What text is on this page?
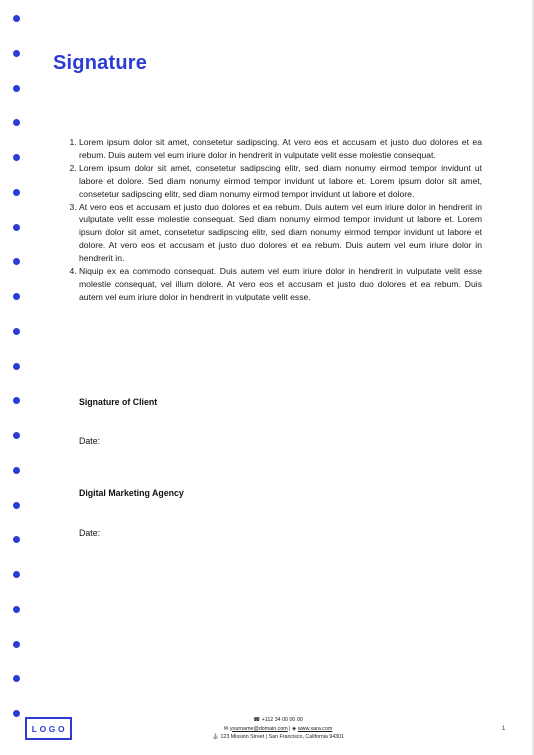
Signature
1. Lorem ipsum dolor sit amet, consetetur sadipscing. At vero eos et accusam et justo duo dolores et ea rebum. Duis autem vel eum iriure dolor in hendrerit in vulputate velit esse molestie consequat.
2. Lorem ipsum dolor sit amet, consetetur sadipscing elitr, sed diam nonumy eirmod tempor invidunt ut labore et dolore. Sed diam nonumy eirmod tempor invidunt ut labore et. Lorem ipsum dolor sit amet, consetetur sadipscing elitr, sed diam nonumy eirmod tempor invidunt ut labore et dolore.
3. At vero eos et accusam et justo duo dolores et ea rebum. Duis autem vel eum iriure dolor in hendrerit in vulputate velit esse molestie consequat. Sed diam nonumy eirmod tempor invidunt ut labore et. Lorem ipsum dolor sit amet, consetetur sadipscing elitr, sed diam nonumy eirmod tempor invidunt ut labore et dolore. At vero eos et accusam et justo duo dolores et ea rebum. Duis autem vel eum iriure dolor in hendrerit in.
4. Niquip ex ea commodo consequat. Duis autem vel eum iriure dolor in hendrerit in vulputate velit esse molestie consequat, vel illum dolore. At vero eos et accusam et justo duo dolores et ea rebum. Duis autem vel eum iriure dolor in hendrerit in vulputate velit esse.
Signature of Client
Date:
Digital Marketing Agency
Date:
LOGO
☎ +112 34 00 00 00
✉ yourname@domain.com | ◈ www.xara.com
⛪ 123 Mission Street | San Francisco, California 94301
1
